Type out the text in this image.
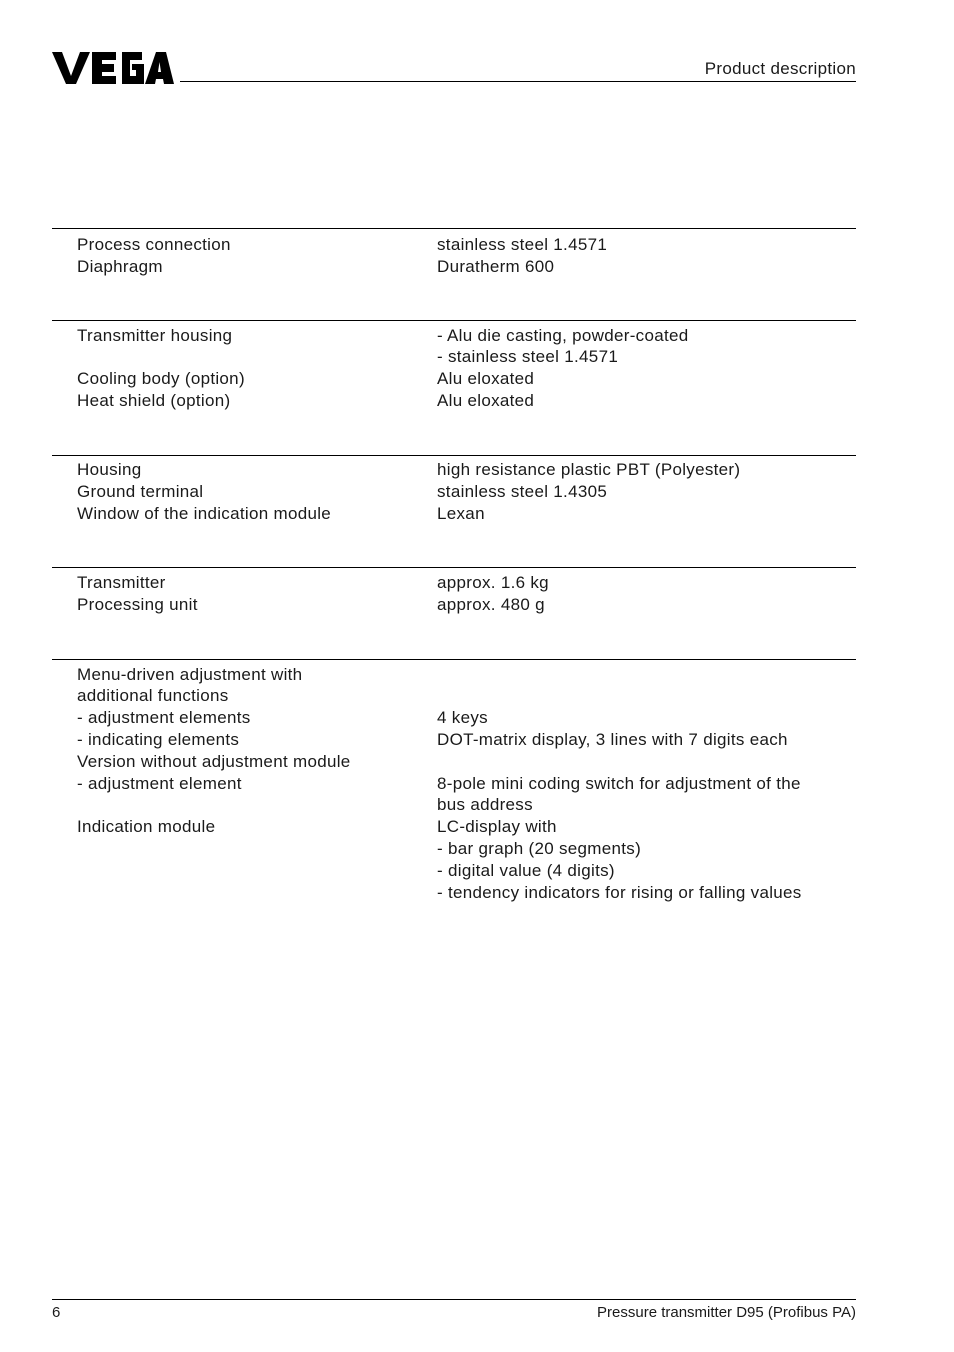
Product description
Process connection	stainless steel 1.4571
Diaphragm	Duratherm 600
Transmitter housing	- Alu die casting, powder-coated
- stainless steel 1.4571
Cooling body (option)	Alu eloxated
Heat shield (option)	Alu eloxated
Housing	high resistance plastic PBT (Polyester)
Ground terminal	stainless steel 1.4305
Window of the indication module	Lexan
Transmitter	approx. 1.6 kg
Processing unit	approx. 480 g
Menu-driven adjustment with
additional functions
- adjustment elements	4 keys
- indicating elements	DOT-matrix display, 3 lines with 7 digits each
Version without adjustment module
- adjustment element	8-pole mini coding switch for adjustment of the
bus address
Indication module	LC-display with
- bar graph (20 segments)
- digital value (4 digits)
- tendency indicators for rising or falling values
6	Pressure transmitter D95 (Profibus PA)
